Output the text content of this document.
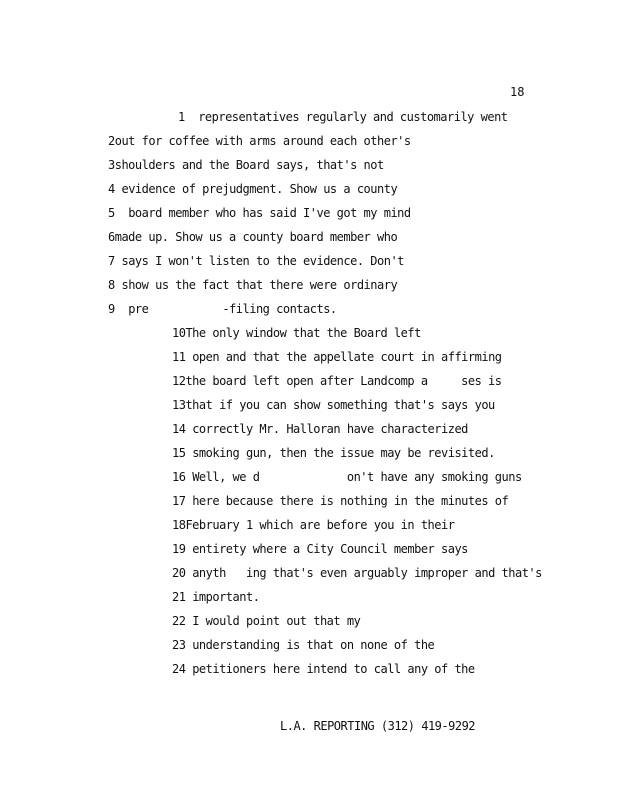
18
1 representatives regularly and customarily went
2out for coffee with arms around each other's
3shoulders and the Board says, that's not
4 evidence of prejudgment. Show us a county
5 board member who has said I've got my mind
6made up. Show us a county board member who
7 says I won't listen to the evidence. Don't
8 show us the fact that there were ordinary
9 pre           -filing contacts.
10The only window that the Board left
11 open and that the appellate court in affirming
12the board left open after Landcomp a     ses is
13that if you can show something that's says you
14 correctly Mr. Halloran have characterized
15 smoking gun, then the issue may be revisited.
16 Well, we d             on't have any smoking guns
17 here because there is nothing in the minutes of
18February 1 which are before you in their
19 entirety where a City Council member says
20 anyth   ing that's even arguably improper and that's
21 important.
22 I would point out that my
23 understanding is that on none of the
24 petitioners here intend to call any of the
L.A. REPORTING (312) 419-9292
